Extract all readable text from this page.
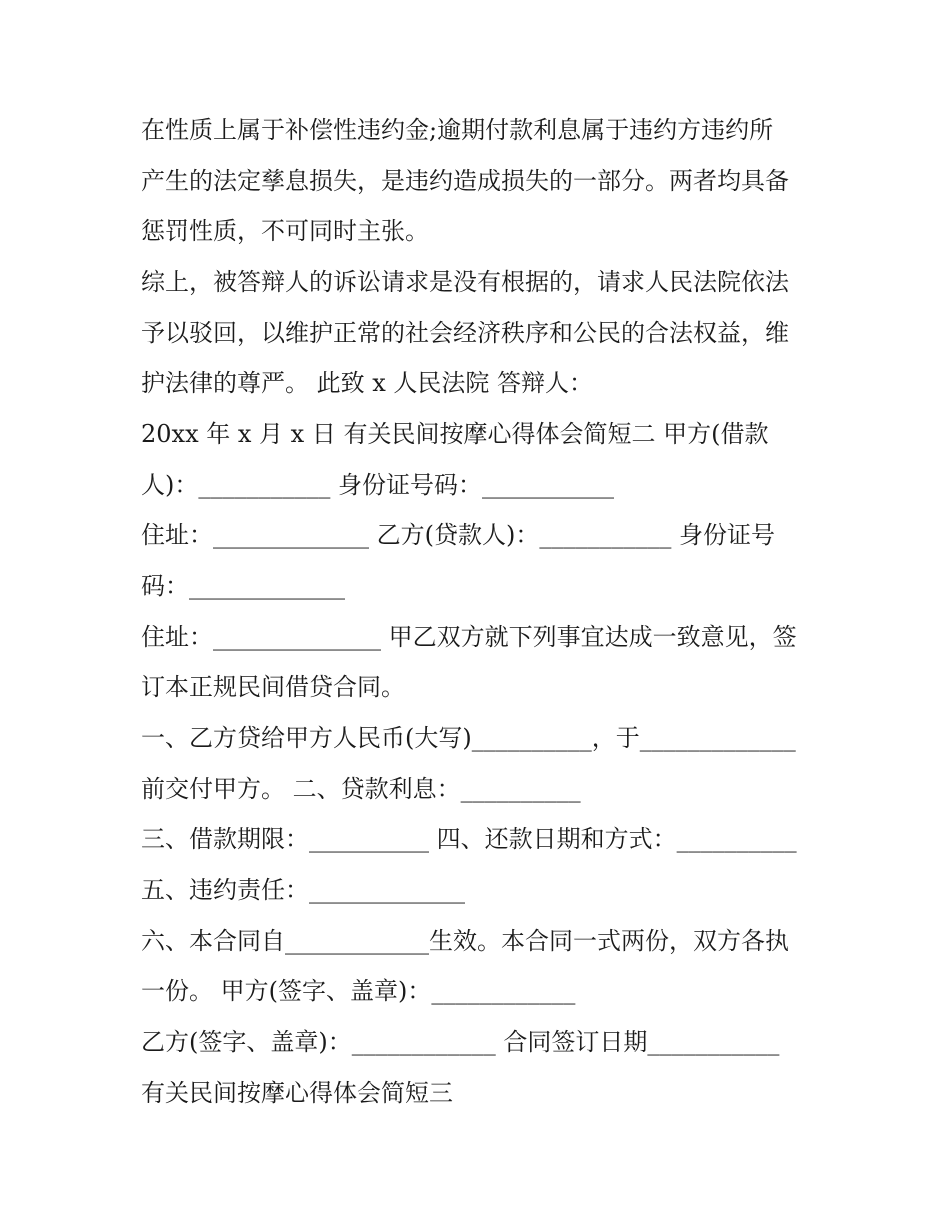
在性质上属于补偿性违约金;逾期付款利息属于违约方违约所
产生的法定孳息损失，是违约造成损失的一部分。两者均具备
惩罚性质，不可同时主张。
综上，被答辩人的诉讼请求是没有根据的，请求人民法院依法
予以驳回，以维护正常的社会经济秩序和公民的合法权益，维
护法律的尊严。 此致 x 人民法院 答辩人：
20xx 年 x 月 x 日 有关民间按摩心得体会简短二 甲方(借款
人)：___________ 身份证号码：___________
住址：_____________ 乙方(贷款人)：___________ 身份证号
码：_____________
住址：______________ 甲乙双方就下列事宜达成一致意见，签
订本正规民间借贷合同。
一、乙方贷给甲方人民币(大写)__________，于_____________
前交付甲方。 二、贷款利息：__________
三、借款期限：__________ 四、还款日期和方式：__________
五、违约责任：_____________
六、本合同自____________生效。本合同一式两份，双方各执
一份。 甲方(签字、盖章)：____________
乙方(签字、盖章)：____________ 合同签订日期___________
有关民间按摩心得体会简短三
